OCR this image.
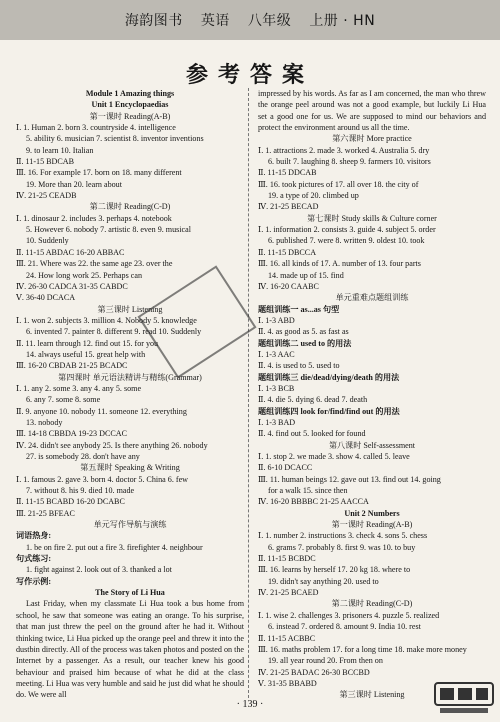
海韵图书 英语 八年级 上册 · HN
参考答案
Module 1 Amazing things
Unit 1 Encyclopaedias
第一课时 Reading(A-B)
Ⅰ. 1. Human 2. born 3. countryside 4. intelligence
5. ability 6. musician 7. scientist 8. inventor inventions
9. to learn 10. Italian
Ⅱ. 11-15 BDCAB
Ⅲ. 16. For example 17. born on 18. many different
19. More than 20. learn about
Ⅳ. 21-25 CEADB
第二课时 Reading(C-D)
Ⅰ. 1. dinosaur 2. includes 3. perhaps 4. notebook
5. However 6. nobody 7. artistic 8. even 9. musical
10. Suddenly
Ⅱ. 11-15 ABDAC 16-20 ABBAC
Ⅲ. 21. Where was 22. the same age 23. over the
24. How long work 25. Perhaps can
Ⅳ. 26-30 CADCA 31-35 CABDC
Ⅴ. 36-40 DCACA
第三课时 Listening
Ⅰ. 1. won 2. subjects 3. million 4. Nobody 5. knowledge
6. invented 7. painter 8. different 9. read 10. Suddenly
Ⅱ. 11. learn through 12. find out 15. for you
14. always useful 15. great help with
Ⅲ. 16-20 CBDAB 21-25 BCADC
第四课时 单元语法精讲与精练(Grammar)
Ⅰ. 1. any 2. some 3. any 4. any 5. some
6. any 7. some 8. some
Ⅱ. 9. anyone 10. nobody 11. someone 12. everything
13. nobody
Ⅲ. 14-18 CBBDA 19-23 DCCAC
Ⅳ. 24. didn't see anybody 25. Is there anything 26. nobody
27. is somebody 28. don't have any
第五课时 Speaking & Writing
Ⅰ. 1. famous 2. gave 3. born 4. doctor 5. China 6. few
7. without 8. his 9. died 10. made
Ⅱ. 11-15 BCABD 16-20 DCABC
Ⅲ. 21-25 BFEAC
单元写作导航与演练
词语热身:
1. be on fire 2. put out a fire 3. firefighter 4. neighbour
句式练习:
1. fight against 2. look out of 3. thanked a lot
写作示例:
The Story of Li Hua
Last Friday, when my classmate Li Hua took a bus home from school, he saw that someone was eating an orange. To his surprise, that man just threw the peel on the ground after he had it. Without thinking twice, Li Hua picked up the orange peel and threw it into the dustbin directly. All of the process was taken photos and posted on the Internet by a passenger. As a result, our teacher knew his good behaviour and praised him because of what he did at the class meeting. Li Hua was very humble and said he just did what he should do. We were all
impressed by his words. As far as I am concerned, the man who threw the orange peel around was not a good example, but luckily Li Hua set a good one for us. We are supposed to mind our behaviors and protect the environment around us all the time.
第六课时 More practice
Ⅰ. 1. attractions 2. made 3. worked 4. Australia 5. dry
6. built 7. laughing 8. sheep 9. farmers 10. visitors
Ⅱ. 11-15 DDCAB
Ⅲ. 16. took pictures of 17. all over 18. the city of
19. a type of 20. climbed up
Ⅳ. 21-25 BECAD
第七课时 Study skills & Culture corner
Ⅰ. 1. information 2. consists 3. guide 4. subject 5. order
6. published 7. were 8. written 9. oldest 10. took
Ⅱ. 11-15 DBCCA
Ⅲ. 16. all kinds of 17. A. number of 13. four parts
14. made up of 15. find
Ⅳ. 16-20 CAABC
单元重难点题组训练
题组训练一 as...as 句型
Ⅰ. 1-3 ABD
Ⅱ. 4. as good as 5. as fast as
题组训练二 used to 的用法
Ⅰ. 1-3 AAC
Ⅱ. 4. is used to 5. used to
题组训练三 die/dead/dying/death 的用法
Ⅰ. 1-3 BCB
Ⅱ. 4. die 5. dying 6. dead 7. death
题组训练四 look for/find/find out 的用法
Ⅰ. 1-3 BAD
Ⅱ. 4. find out 5. looked for found
第八课时 Self-assessment
Ⅰ. 1. stop 2. we made 3. show 4. called 5. leave
Ⅱ. 6-10 DCACC
Ⅲ. 11. human beings 12. gave out 13. find out 14. going
for a walk 15. since then
Ⅳ. 16-20 BBBBC 21-25 AACCA
Unit 2 Numbers
第一课时 Reading(A-B)
Ⅰ. 1. number 2. instructions 3. check 4. sons 5. chess
6. grams 7. probably 8. first 9. was 10. to buy
Ⅱ. 11-15 BCBDC
Ⅲ. 16. learns by herself 17. 20 kg 18. where to
19. didn't say anything 20. used to
Ⅳ. 21-25 BCAED
第二课时 Reading(C-D)
Ⅰ. 1. wise 2. challenges 3. prisoners 4. puzzle 5. realized
6. instead 7. ordered 8. amount 9. India 10. rest
Ⅱ. 11-15 ACBBC
Ⅲ. 16. maths problem 17. for a long time 18. make more money
19. all year round 20. From then on
Ⅳ. 21-25 BADAC 26-30 BCCBD
Ⅴ. 31-35 BBABD
第三课时 Listening
· 139 ·
